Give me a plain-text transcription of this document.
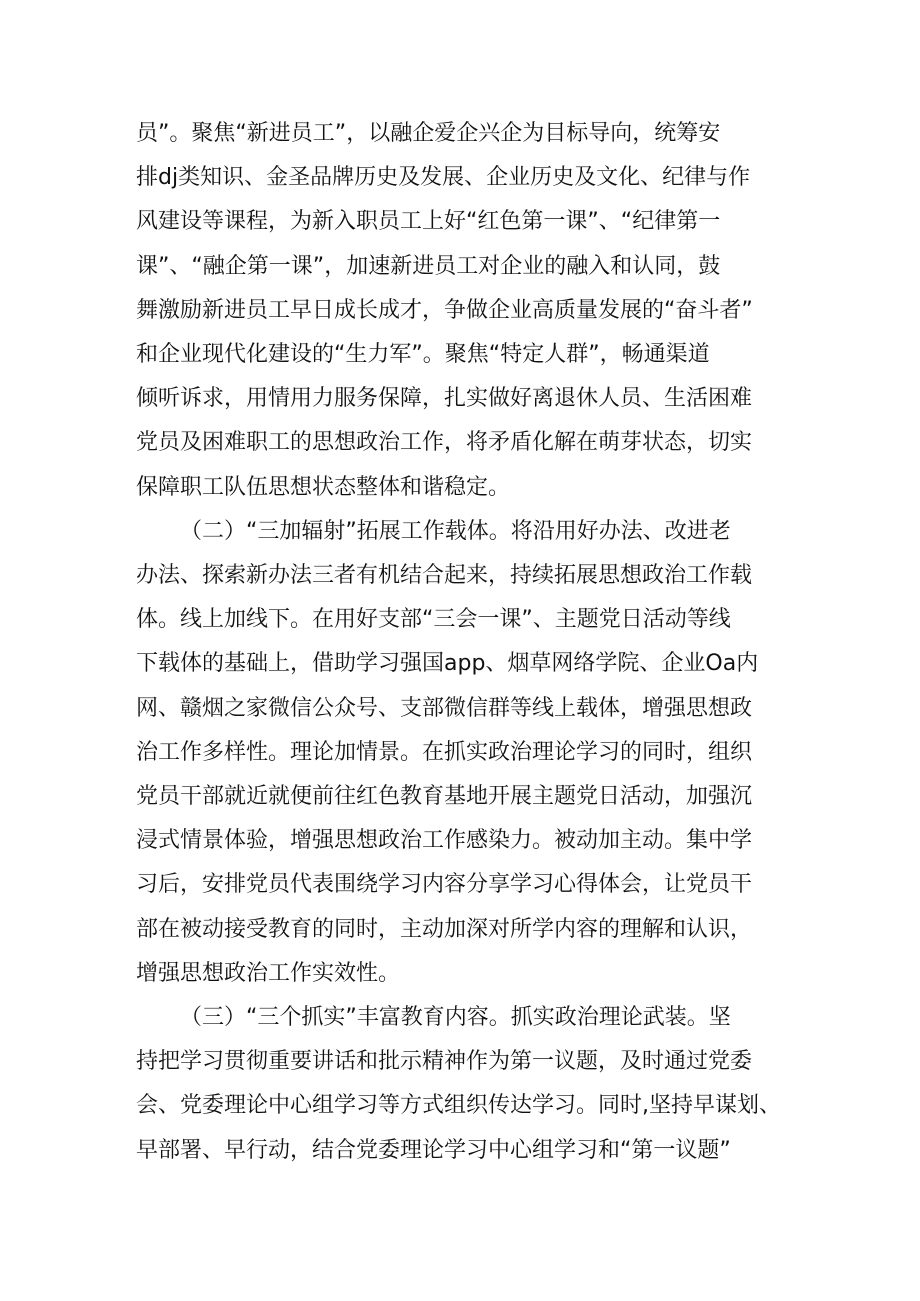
员”。聚焦“新进员工”，以融企爱企兴企为目标导向，统筹安
排dj类知识、金圣品牌历史及发展、企业历史及文化、纪律与作
风建设等课程，为新入职员工上好“红色第一课”、“纪律第一
课”、“融企第一课”，加速新进员工对企业的融入和认同，鼓
舞激励新进员工早日成长成才，争做企业高质量发展的“奋斗者”
和企业现代化建设的“生力军”。聚焦“特定人群”，畅通渠道
倾听诉求，用情用力服务保障，扎实做好离退休人员、生活困难
党员及困难职工的思想政治工作，将矛盾化解在萌芽状态，切实
保障职工队伍思想状态整体和谐稳定。

（二）“三加辐射”拓展工作载体。将沿用好办法、改进老
办法、探索新办法三者有机结合起来，持续拓展思想政治工作载
体。线上加线下。在用好支部“三会一课”、主题党日活动等线
下载体的基础上，借助学习强国app、烟草网络学院、企业Oa内
网、赣烟之家微信公众号、支部微信群等线上载体，增强思想政
治工作多样性。理论加情景。在抓实政治理论学习的同时，组织
党员干部就近就便前往红色教育基地开展主题党日活动，加强沉
浸式情景体验，增强思想政治工作感染力。被动加主动。集中学
习后，安排党员代表围绕学习内容分享学习心得体会，让党员干
部在被动接受教育的同时，主动加深对所学内容的理解和认识，
增强思想政治工作实效性。

（三）“三个抓实”丰富教育内容。抓实政治理论武装。坚
持把学习贯彻重要讲话和批示精神作为第一议题，及时通过党委
会、党委理论中心组学习等方式组织传达学习。同时,坚持早谋划、
早部署、早行动，结合党委理论学习中心组学习和“第一议题”
